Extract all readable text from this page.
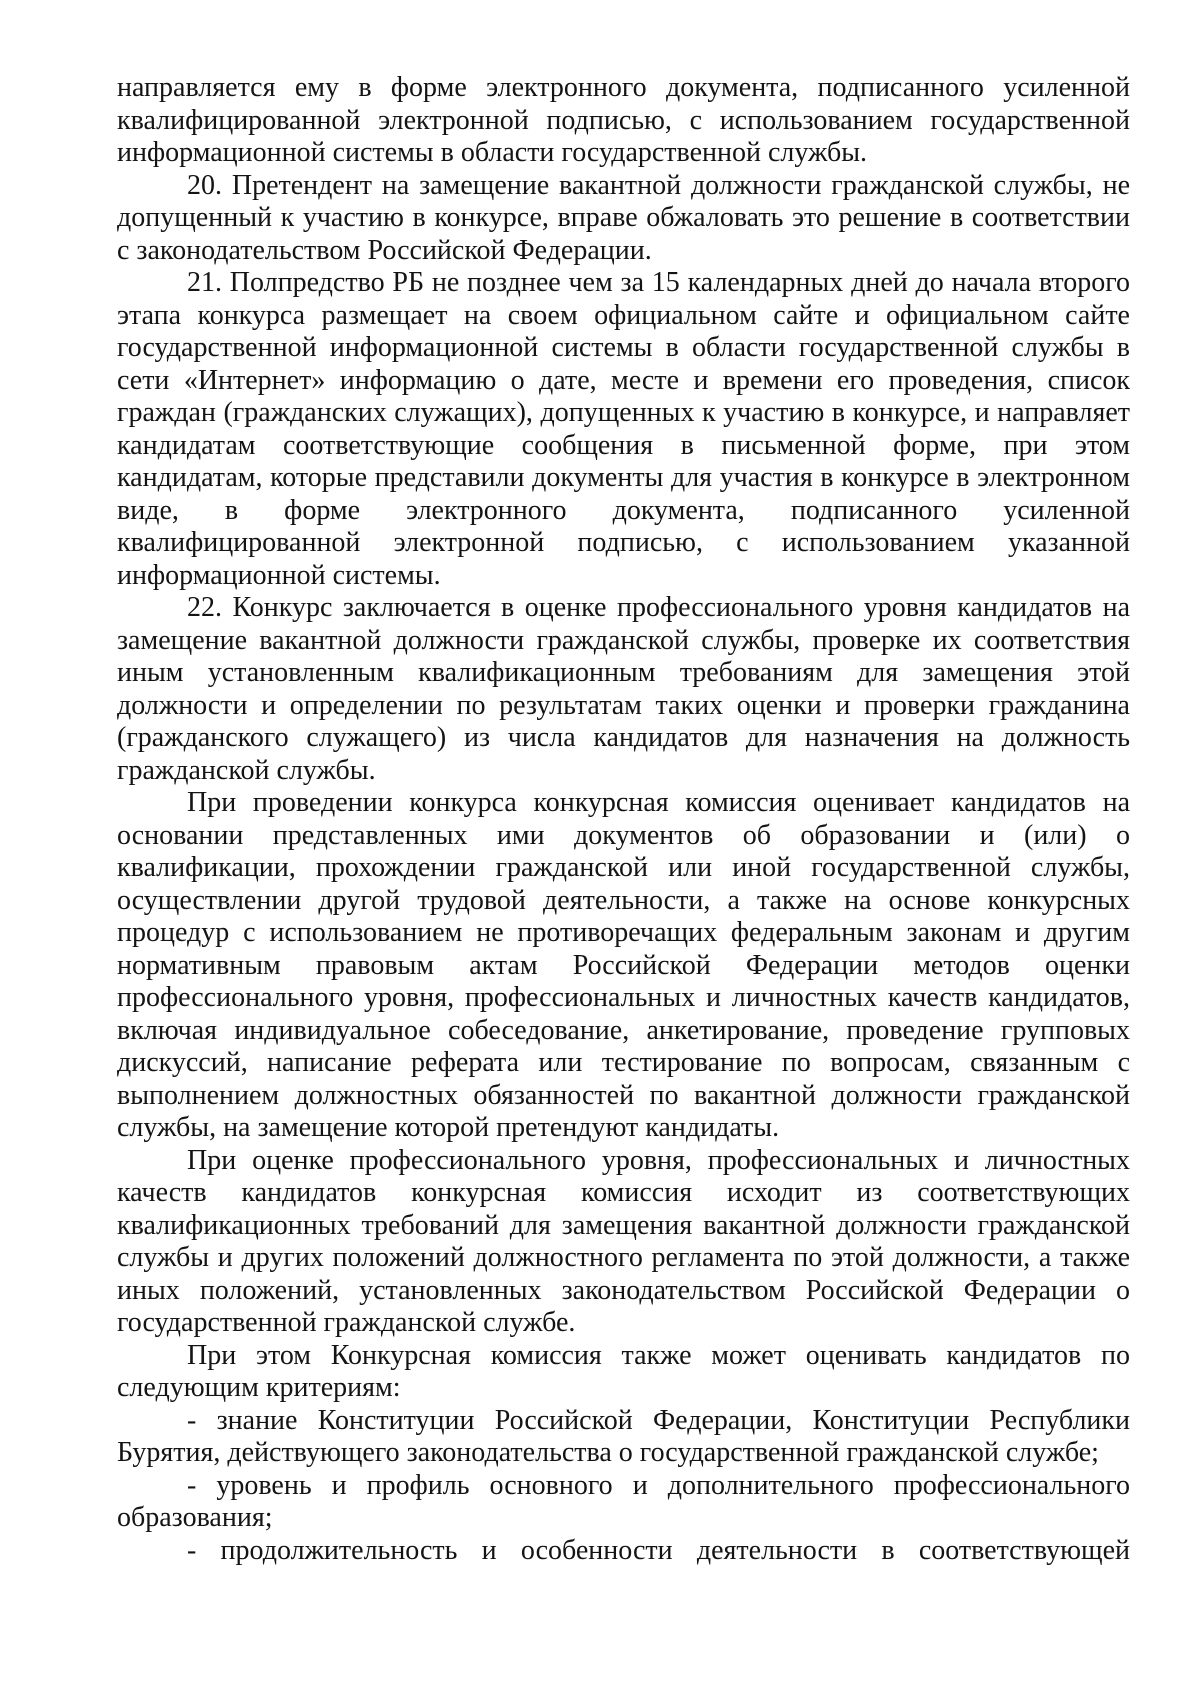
направляется ему в форме электронного документа, подписанного усиленной квалифицированной электронной подписью, с использованием государственной информационной системы в области государственной службы.

20. Претендент на замещение вакантной должности гражданской службы, не допущенный к участию в конкурсе, вправе обжаловать это решение в соответствии с законодательством Российской Федерации.

21. Полпредство РБ не позднее чем за 15 календарных дней до начала второго этапа конкурса размещает на своем официальном сайте и официальном сайте государственной информационной системы в области государственной службы в сети «Интернет» информацию о дате, месте и времени его проведения, список граждан (гражданских служащих), допущенных к участию в конкурсе, и направляет кандидатам соответствующие сообщения в письменной форме, при этом кандидатам, которые представили документы для участия в конкурсе в электронном виде, в форме электронного документа, подписанного усиленной квалифицированной электронной подписью, с использованием указанной информационной системы.

22. Конкурс заключается в оценке профессионального уровня кандидатов на замещение вакантной должности гражданской службы, проверке их соответствия иным установленным квалификационным требованиям для замещения этой должности и определении по результатам таких оценки и проверки гражданина (гражданского служащего) из числа кандидатов для назначения на должность гражданской службы.

При проведении конкурса конкурсная комиссия оценивает кандидатов на основании представленных ими документов об образовании и (или) о квалификации, прохождении гражданской или иной государственной службы, осуществлении другой трудовой деятельности, а также на основе конкурсных процедур с использованием не противоречащих федеральным законам и другим нормативным правовым актам Российской Федерации методов оценки профессионального уровня, профессиональных и личностных качеств кандидатов, включая индивидуальное собеседование, анкетирование, проведение групповых дискуссий, написание реферата или тестирование по вопросам, связанным с выполнением должностных обязанностей по вакантной должности гражданской службы, на замещение которой претендуют кандидаты.

При оценке профессионального уровня, профессиональных и личностных качеств кандидатов конкурсная комиссия исходит из соответствующих квалификационных требований для замещения вакантной должности гражданской службы и других положений должностного регламента по этой должности, а также иных положений, установленных законодательством Российской Федерации о государственной гражданской службе.

При этом Конкурсная комиссия также может оценивать кандидатов по следующим критериям:

- знание Конституции Российской Федерации, Конституции Республики Бурятия, действующего законодательства о государственной гражданской службе;

- уровень и профиль основного и дополнительного профессионального образования;

- продолжительность и особенности деятельности в соответствующей
